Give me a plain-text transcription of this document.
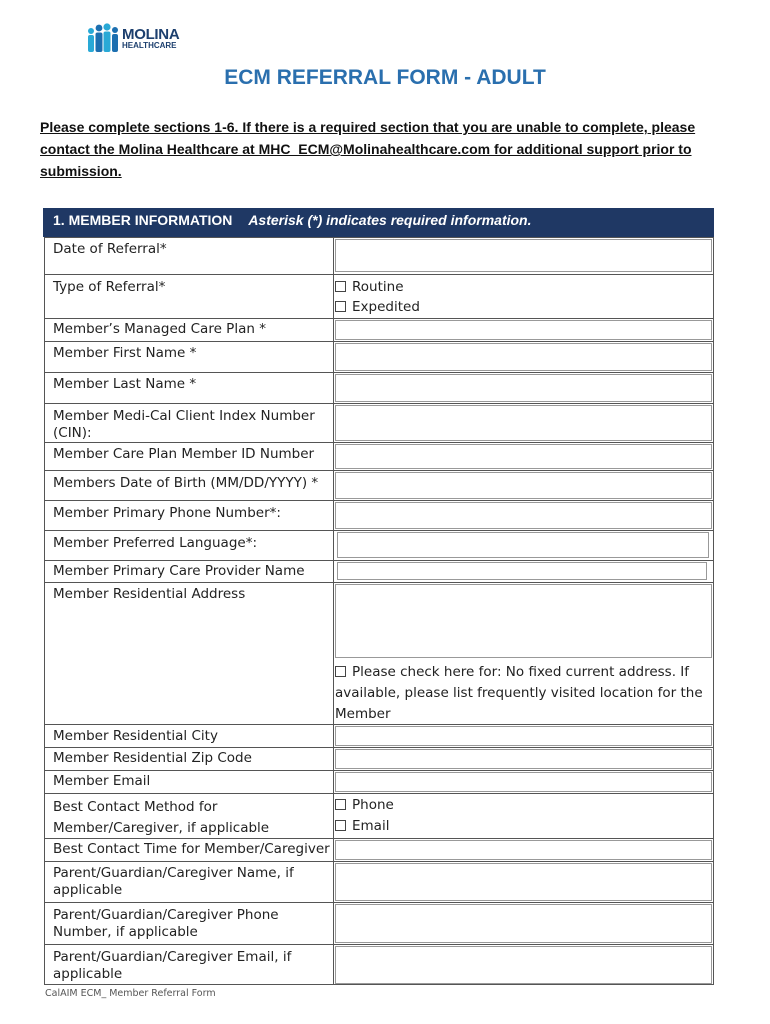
MOLINA
HEALTHCARE
ECM REFERRAL FORM - ADULT
Please complete sections 1-6. If there is a required section that you are unable to complete, please contact the Molina Healthcare at MHC_ECM@Molinahealthcare.com for additional support prior to submission.
1. MEMBER INFORMATION Asterisk (*) indicates required information.
Date of Referral*
Type of Referral*
Member’s Managed Care Plan *
Member First Name *
Member Last Name *
Member Medi-Cal Client Index Number (CIN):
Member Care Plan Member ID Number
Members Date of Birth (MM/DD/YYYY) *
Member Primary Phone Number*:
Member Preferred Language*:
Member Primary Care Provider Name
Member Residential Address
Member Residential City
Member Residential Zip Code
Member Email
Best Contact Method for Member/Caregiver, if applicable
Best Contact Time for Member/Caregiver
Parent/Guardian/Caregiver Name, if applicable
Parent/Guardian/Caregiver Phone Number, if applicable
Parent/Guardian/Caregiver Email, if applicable
Routine
Expedited
Please check here for: No fixed current address. If available, please list frequently visited location for the Member
Phone
Email
CalAIM ECM_ Member Referral Form
